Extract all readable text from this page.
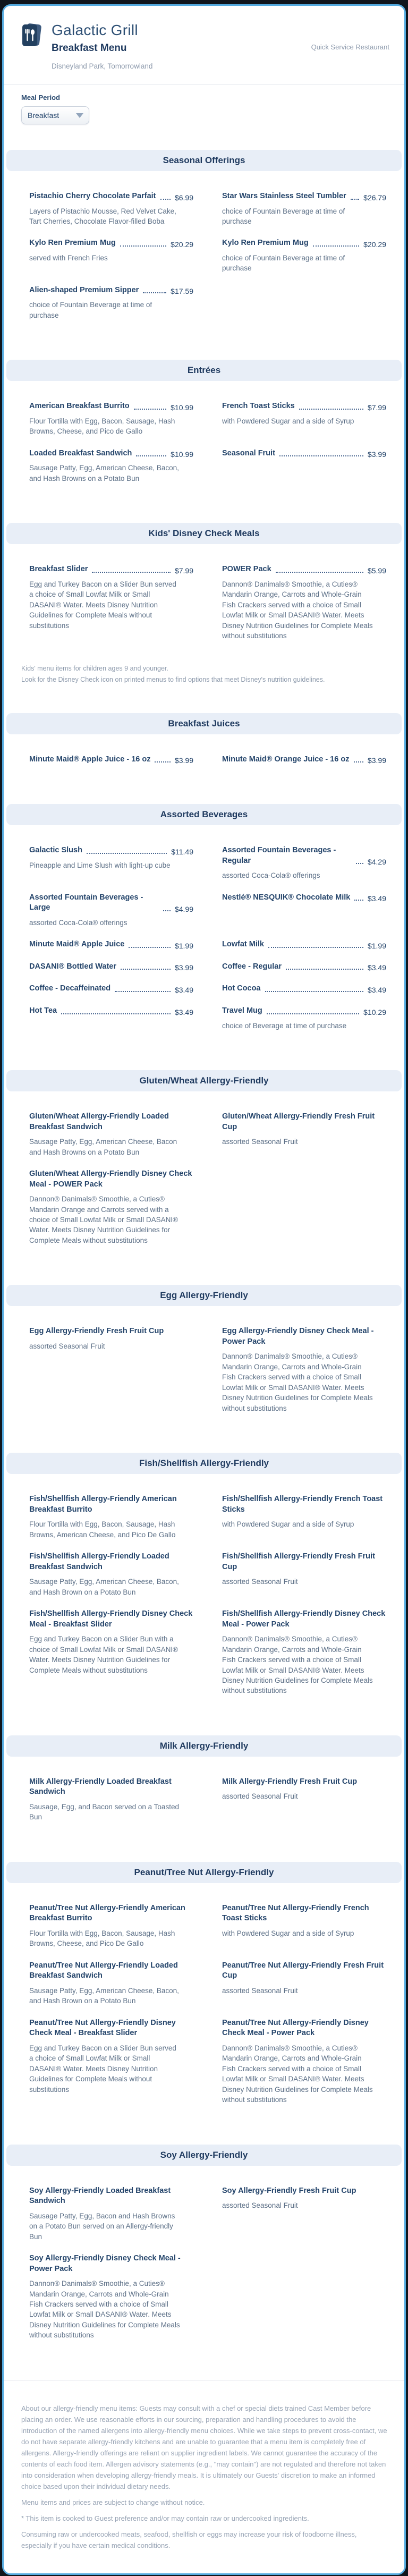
Galactic Grill
Breakfast Menu
Disneyland Park, Tomorrowland
Quick Service Restaurant
Meal Period
Breakfast
Seasonal Offerings
Pistachio Cherry Chocolate Parfait	$6.99
Layers of Pistachio Mousse, Red Velvet Cake, Tart Cherries, Chocolate Flavor-filled Boba
Star Wars Stainless Steel Tumbler $26.79
choice of Fountain Beverage at time of purchase
Kylo Ren Premium Mug	$20.29
served with French Fries
Kylo Ren Premium Mug	$20.29
choice of Fountain Beverage at time of purchase
Alien-shaped Premium Sipper	$17.59
choice of Fountain Beverage at time of purchase
Entrées
American Breakfast Burrito	$10.99
Flour Tortilla with Egg, Bacon, Sausage, Hash Browns, Cheese, and Pico de Gallo
French Toast Sticks	$7.99
with Powdered Sugar and a side of Syrup
Loaded Breakfast Sandwich	$10.99
Sausage Patty, Egg, American Cheese, Bacon, and Hash Browns on a Potato Bun
Seasonal Fruit	$3.99
Kids' Disney Check Meals
Breakfast Slider	$7.99
Egg and Turkey Bacon on a Slider Bun served a choice of Small Lowfat Milk or Small DASANI® Water. Meets Disney Nutrition Guidelines for Complete Meals without substitutions
POWER Pack	$5.99
Dannon® Danimals® Smoothie, a Cuties® Mandarin Orange, Carrots and Whole-Grain Fish Crackers served with a choice of Small Lowfat Milk or Small DASANI® Water. Meets Disney Nutrition Guidelines for Complete Meals without substitutions
Kids' menu items for children ages 9 and younger.
Look for the Disney Check icon on printed menus to find options that meet Disney's nutrition guidelines.
Breakfast Juices
Minute Maid® Apple Juice - 16 oz	$3.99	Minute Maid® Orange Juice - 16 oz $3.99
Assorted Beverages
Galactic Slush	$11.49
Pineapple and Lime Slush with light-up cube
Assorted Fountain Beverages - Regular	$4.29
assorted Coca-Cola® offerings
Assorted Fountain Beverages - Large	$4.99
assorted Coca-Cola® offerings
Nestlé® NESQUIK® Chocolate Milk $3.49
Minute Maid® Apple Juice	$1.99	Lowfat Milk	$1.99
DASANI® Bottled Water	$3.99	Coffee - Regular	$3.49
Coffee - Decaffeinated	$3.49	Hot Cocoa	$3.49
Hot Tea	$3.49	Travel Mug	$10.29
choice of Beverage at time of purchase
Gluten/Wheat Allergy-Friendly
Gluten/Wheat Allergy-Friendly Loaded Breakfast Sandwich
Sausage Patty, Egg, American Cheese, Bacon and Hash Browns on a Potato Bun
Gluten/Wheat Allergy-Friendly Fresh Fruit Cup
assorted Seasonal Fruit
Gluten/Wheat Allergy-Friendly Disney Check Meal - POWER Pack
Dannon® Danimals® Smoothie, a Cuties® Mandarin Orange and Carrots served with a choice of Small Lowfat Milk or Small DASANI® Water. Meets Disney Nutrition Guidelines for Complete Meals without substitutions
Egg Allergy-Friendly
Egg Allergy-Friendly Fresh Fruit Cup
assorted Seasonal Fruit
Egg Allergy-Friendly Disney Check Meal - Power Pack
Dannon® Danimals® Smoothie, a Cuties® Mandarin Orange, Carrots and Whole-Grain Fish Crackers served with a choice of Small Lowfat Milk or Small DASANI® Water. Meets Disney Nutrition Guidelines for Complete Meals without substitutions
Fish/Shellfish Allergy-Friendly
Fish/Shellfish Allergy-Friendly American Breakfast Burrito
Flour Tortilla with Egg, Bacon, Sausage, Hash Browns, American Cheese, and Pico De Gallo
Fish/Shellfish Allergy-Friendly French Toast Sticks
with Powdered Sugar and a side of Syrup
Fish/Shellfish Allergy-Friendly Loaded Breakfast Sandwich
Sausage Patty, Egg, American Cheese, Bacon, and Hash Brown on a Potato Bun
Fish/Shellfish Allergy-Friendly Fresh Fruit Cup
assorted Seasonal Fruit
Fish/Shellfish Allergy-Friendly Disney Check Meal - Breakfast Slider
Egg and Turkey Bacon on a Slider Bun with a choice of Small Lowfat Milk or Small DASANI® Water. Meets Disney Nutrition Guidelines for Complete Meals without substitutions
Fish/Shellfish Allergy-Friendly Disney Check Meal - Power Pack
Dannon® Danimals® Smoothie, a Cuties® Mandarin Orange, Carrots and Whole-Grain Fish Crackers served with a choice of Small Lowfat Milk or Small DASANI® Water. Meets Disney Nutrition Guidelines for Complete Meals without substitutions
Milk Allergy-Friendly
Milk Allergy-Friendly Loaded Breakfast Sandwich
Sausage, Egg, and Bacon served on a Toasted Bun
Milk Allergy-Friendly Fresh Fruit Cup
assorted Seasonal Fruit
Peanut/Tree Nut Allergy-Friendly
Peanut/Tree Nut Allergy-Friendly American Breakfast Burrito
Flour Tortilla with Egg, Bacon, Sausage, Hash Browns, Cheese, and Pico De Gallo
Peanut/Tree Nut Allergy-Friendly French Toast Sticks
with Powdered Sugar and a side of Syrup
Peanut/Tree Nut Allergy-Friendly Loaded Breakfast Sandwich
Sausage Patty, Egg, American Cheese, Bacon, and Hash Brown on a Potato Bun
Peanut/Tree Nut Allergy-Friendly Fresh Fruit Cup
assorted Seasonal Fruit
Peanut/Tree Nut Allergy-Friendly Disney Check Meal - Breakfast Slider
Egg and Turkey Bacon on a Slider Bun served a choice of Small Lowfat Milk or Small DASANI® Water. Meets Disney Nutrition Guidelines for Complete Meals without substitutions
Peanut/Tree Nut Allergy-Friendly Disney Check Meal - Power Pack
Dannon® Danimals® Smoothie, a Cuties® Mandarin Orange, Carrots and Whole-Grain Fish Crackers served with a choice of Small Lowfat Milk or Small DASANI® Water. Meets Disney Nutrition Guidelines for Complete Meals without substitutions
Soy Allergy-Friendly
Soy Allergy-Friendly Loaded Breakfast Sandwich
Sausage Patty, Egg, Bacon and Hash Browns on a Potato Bun served on an Allergy-friendly Bun
Soy Allergy-Friendly Fresh Fruit Cup
assorted Seasonal Fruit
Soy Allergy-Friendly Disney Check Meal - Power Pack
Dannon® Danimals® Smoothie, a Cuties® Mandarin Orange, Carrots and Whole-Grain Fish Crackers served with a choice of Small Lowfat Milk or Small DASANI® Water. Meets Disney Nutrition Guidelines for Complete Meals without substitutions

About our allergy-friendly menu items: Guests may consult with a chef or special diets trained Cast Member before placing an order. We use reasonable efforts in our sourcing, preparation and handling procedures to avoid the introduction of the named allergens into allergy-friendly menu choices. While we take steps to prevent cross-contact, we do not have separate allergy-friendly kitchens and are unable to guarantee that a menu item is completely free of allergens. Allergy-friendly offerings are reliant on supplier ingredient labels. We cannot guarantee the accuracy of the contents of each food item. Allergen advisory statements (e.g., "may contain") are not regulated and therefore not taken into consideration when developing allergy-friendly meals. It is ultimately our Guests' discretion to make an informed choice based upon their individual dietary needs.

Menu items and prices are subject to change without notice.

* This item is cooked to Guest preference and/or may contain raw or undercooked ingredients.

Consuming raw or undercooked meats, seafood, shellfish or eggs may increase your risk of foodborne illness, especially if you have certain medical conditions.
